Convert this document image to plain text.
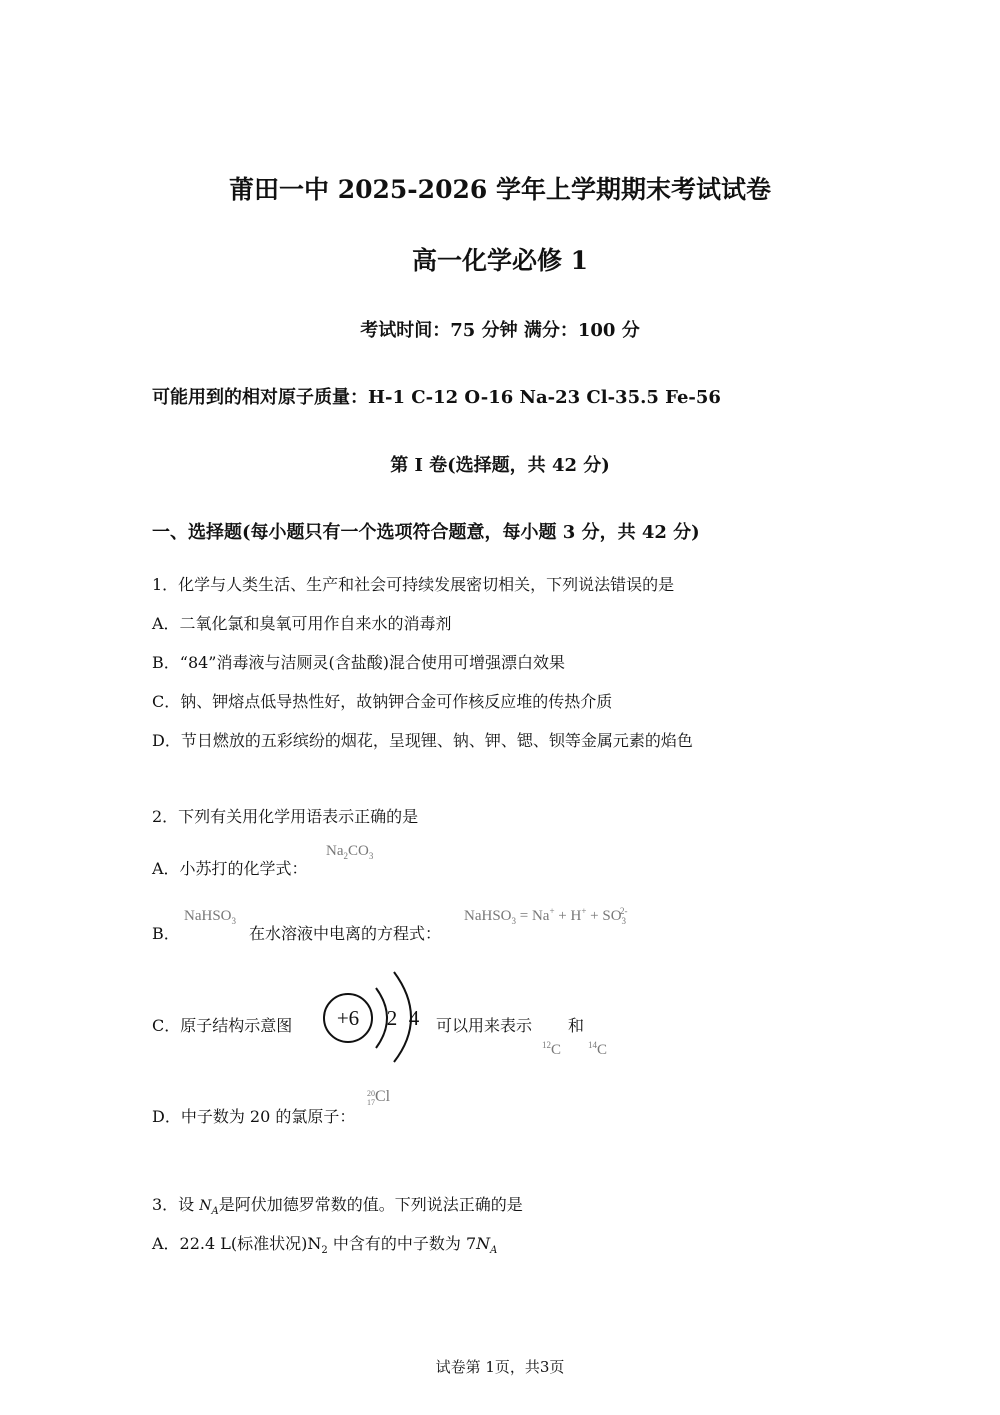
莆田一中 2025-2026 学年上学期期末考试试卷
高一化学必修 1
考试时间：75 分钟 满分：100 分
可能用到的相对原子质量：H-1 C-12 O-16 Na-23 Cl-35.5 Fe-56
第 I 卷(选择题，共 42 分)
一、选择题(每小题只有一个选项符合题意，每小题 3 分，共 42 分)
1．化学与人类生活、生产和社会可持续发展密切相关，下列说法错误的是
A．二氧化氯和臭氧可用作自来水的消毒剂
B．“84”消毒液与洁厕灵(含盐酸)混合使用可增强漂白效果
C．钠、钾熔点低导热性好，故钠钾合金可作核反应堆的传热介质
D．节日燃放的五彩缤纷的烟花，呈现锂、钠、钾、锶、钡等金属元素的焰色
2．下列有关用化学用语表示正确的是
A．小苏打的化学式：
$Na_2CO_3$
B．
NaHSO$_3$
在水溶液中电离的方程式：
NaHSO$_3$ = $Na^+ + H^+ + SO_3^{2-}$
C．原子结构示意图 +6 2 4 可以用来表示 和
$^{12}$C	$^{14}$C
D．中子数为 20 的氯原子：
20
17Cl
3．设 $N_A$是阿伏加德罗常数的值。下列说法正确的是
A．22.4 L(标准状况)$N_2$ 中含有的中子数为 $7N_A$
试卷第 1页，共3页
